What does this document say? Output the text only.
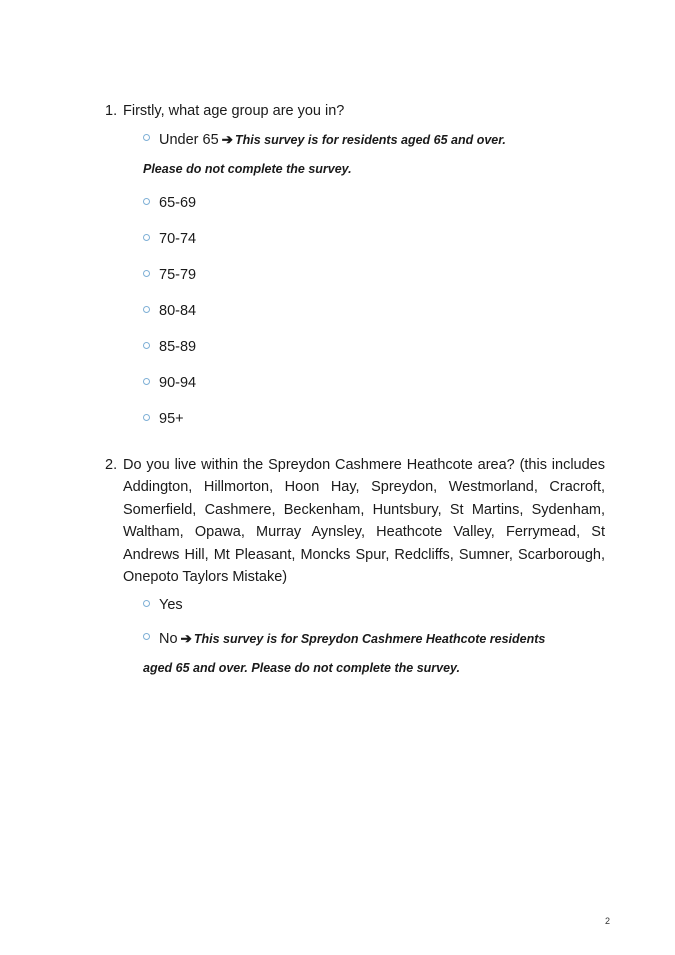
1. Firstly, what age group are you in?
Under 65 ➔ This survey is for residents aged 65 and over.
Please do not complete the survey.
65-69
70-74
75-79
80-84
85-89
90-94
95+
2. Do you live within the Spreydon Cashmere Heathcote area? (this includes Addington, Hillmorton, Hoon Hay, Spreydon, Westmorland, Cracroft, Somerfield, Cashmere, Beckenham, Huntsbury, St Martins, Sydenham, Waltham, Opawa, Murray Aynsley, Heathcote Valley, Ferrymead, St Andrews Hill, Mt Pleasant, Moncks Spur, Redcliffs, Sumner, Scarborough, Onepoto Taylors Mistake)
Yes
No ➔ This survey is for Spreydon Cashmere Heathcote residents
aged 65 and over. Please do not complete the survey.
2
